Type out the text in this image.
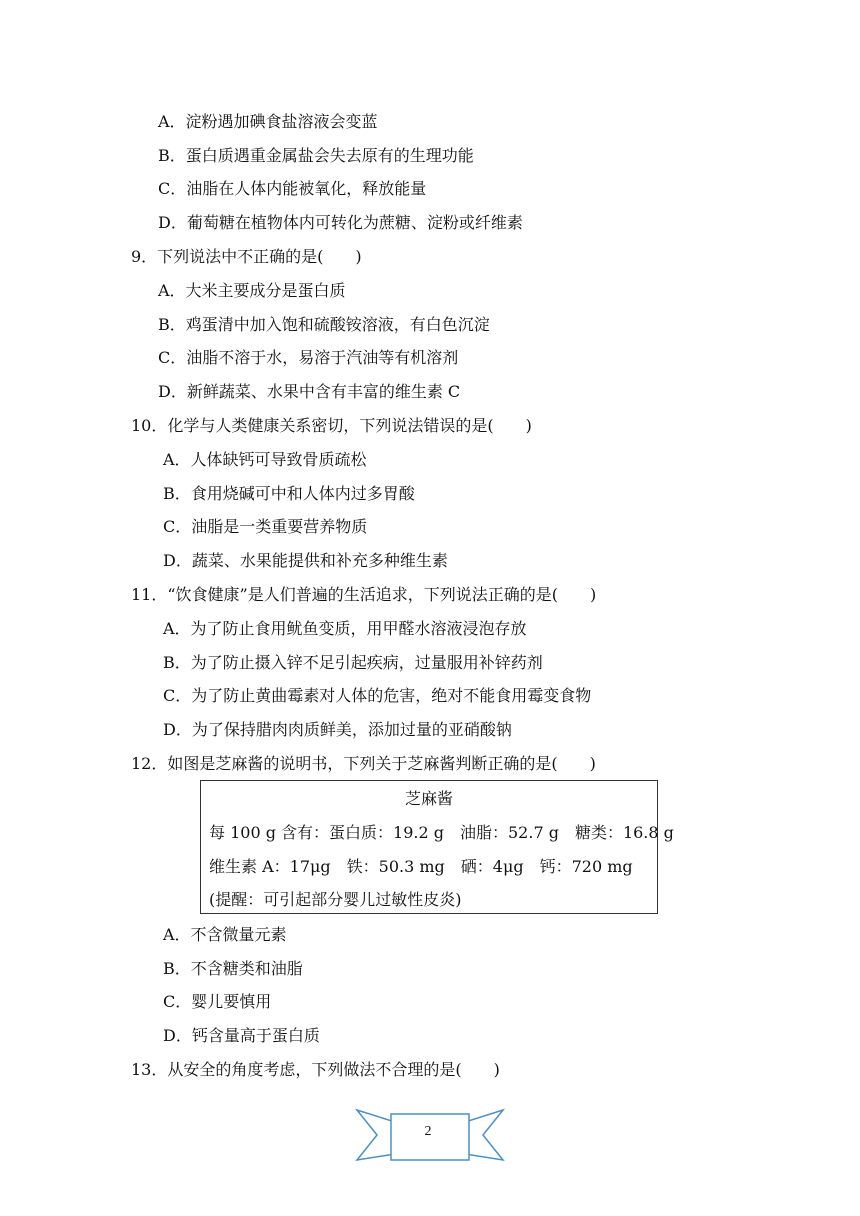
A．淀粉遇加碘食盐溶液会变蓝
B．蛋白质遇重金属盐会失去原有的生理功能
C．油脂在人体内能被氧化，释放能量
D．葡萄糖在植物体内可转化为蔗糖、淀粉或纤维素
9．下列说法中不正确的是(　　)
A．大米主要成分是蛋白质
B．鸡蛋清中加入饱和硫酸铵溶液，有白色沉淀
C．油脂不溶于水，易溶于汽油等有机溶剂
D．新鲜蔬菜、水果中含有丰富的维生素 C
10．化学与人类健康关系密切，下列说法错误的是(　　)
A．人体缺钙可导致骨质疏松
B．食用烧碱可中和人体内过多胃酸
C．油脂是一类重要营养物质
D．蔬菜、水果能提供和补充多种维生素
11．“饮食健康”是人们普遍的生活追求，下列说法正确的是(　　)
A．为了防止食用鱿鱼变质，用甲醛水溶液浸泡存放
B．为了防止摄入锌不足引起疾病，过量服用补锌药剂
C．为了防止黄曲霉素对人体的危害，绝对不能食用霉变食物
D．为了保持腊肉肉质鲜美，添加过量的亚硝酸钠
12．如图是芝麻酱的说明书，下列关于芝麻酱判断正确的是(　　)
芝麻酱
每 100 g 含有：蛋白质：19.2 g　油脂：52.7 g　糖类：16.8 g
维生素 A：17μg　铁：50.3 mg　硒：4μg　钙：720 mg
(提醒：可引起部分婴儿过敏性皮炎)
A．不含微量元素
B．不含糖类和油脂
C．婴儿要慎用
D．钙含量高于蛋白质
13．从安全的角度考虑，下列做法不合理的是(　　)
2
